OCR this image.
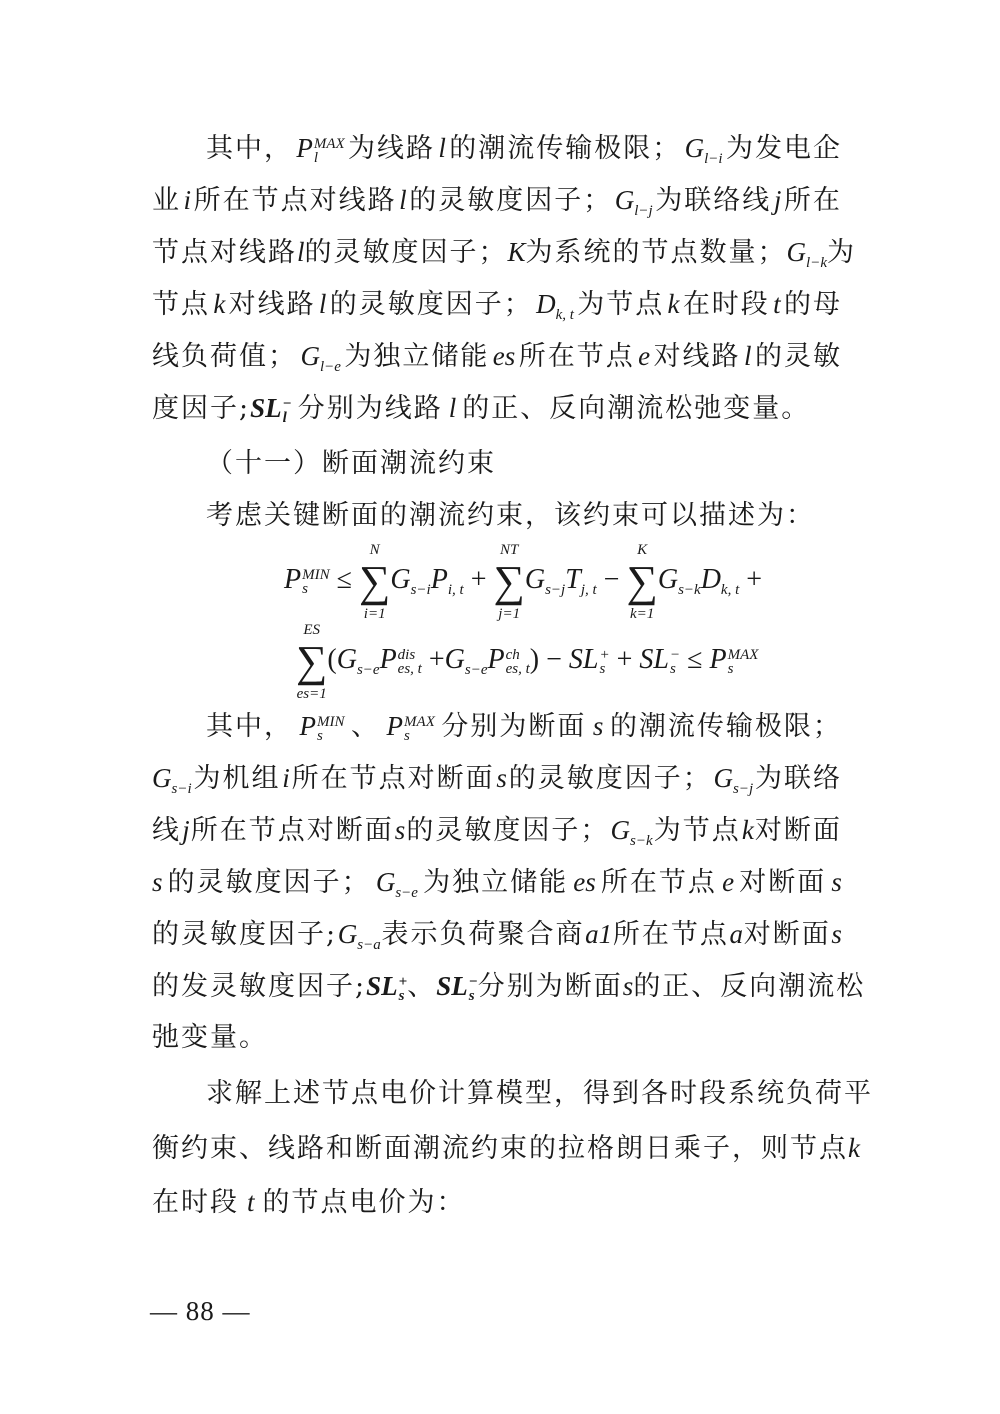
其中， P MAX
l	为线路 l 的潮流传输极限； $G_{l-i}$ 为发电企
业 i 所在节点对线路 l 的灵敏度因子； $G_{l-j}$ 为联络线 j 所在
节点对线路 l 的灵敏度因子； K 为系统的节点数量； $G_{l-k}$ 为
节点 k 对线路 l 的灵敏度因子； $D_{k, t}$ 为节点 k 在时段 t 的母
线负荷值； $G_{l-e}$ 为独立储能 es 所在节点 e 对线路 l 的灵敏
度因子; SL −
l 分别为线路 l 的正、反向潮流松弛变量。
（十一）断面潮流约束
考虑关键断面的潮流约束，该约束可以描述为：
P MIN
s	≤ ∑
N
i=1
$G_{s-i}P_{i, t}$ + ∑
NT
j=1
$G_{s-j}T_{j, t}$ − ∑
K
k=1
$G_{s-k}D_{k, t}$ +
∑
ES
es=1
($G_{s-e}P$ dis
es, $t +G_{s-e}P$ ch
es, t ) − SL +
s + SL −
s ≤ P MAX
s
其中， P MIN
s	、 P MAX
s	分别为断面 s 的潮流传输极限；
$G_{s-i}$ 为机组 i 所在节点对断面 s 的灵敏度因子； $G_{s-j}$ 为联络
线 j 所在节点对断面 s 的灵敏度因子； $G_{s-k}$ 为节点 k 对断面
s 的灵敏度因子； $G_{s-e}$ 为独立储能 es 所在节点 e 对断面 s
的灵敏度因子; $G_{s-a}$ 表示负荷聚合商 a1 所在节点 a 对断面 s
的发灵敏度因子; SL +
s 、 SL −
s 分别为断面 s 的正、反向潮流松
弛变量。
求解上述节点电价计算模型，得到各时段系统负荷平
衡约束、线路和断面潮流约束的拉格朗日乘子，则节点 k
在时段 t 的节点电价为：
— 88 —
